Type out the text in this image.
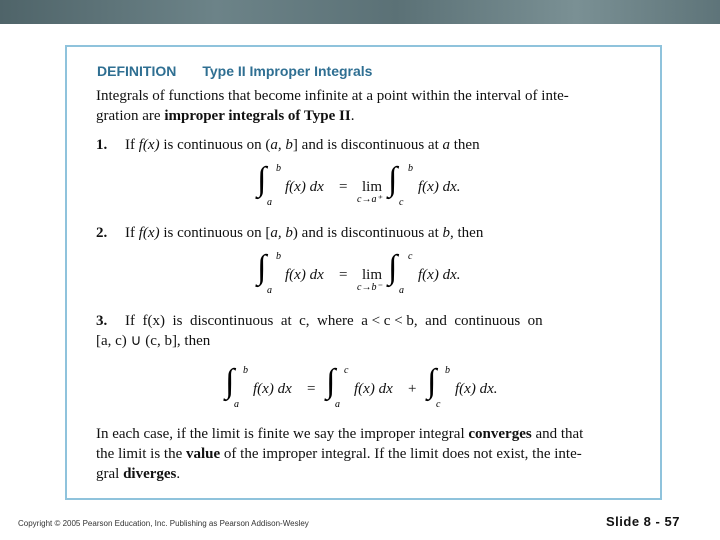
DEFINITION Type II Improper Integrals
Integrals of functions that become infinite at a point within the interval of inte-
gration are improper integrals of Type II.
1. If f(x) is continuous on (a, b] and is discontinuous at a then
∫ b
a
f(x) dx = lim
c→a⁺
∫ b
c
f(x) dx.
2. If f(x) is continuous on [a, b) and is discontinuous at b, then
∫ b
a
f(x) dx = lim
c→b⁻
∫ c
a
f(x) dx.
3. If  f(x)  is  discontinuous  at  c,  where  a < c < b,  and  continuous  on
[a, c) ∪ (c, b], then
∫ b
a
f(x) dx = ∫ c
a
f(x) dx + ∫ b
c
f(x) dx.
In each case, if the limit is finite we say the improper integral converges and that
the limit is the value of the improper integral. If the limit does not exist, the inte-
gral diverges.
Copyright © 2005 Pearson Education, Inc. Publishing as Pearson Addison-Wesley	Slide 8 - 57
